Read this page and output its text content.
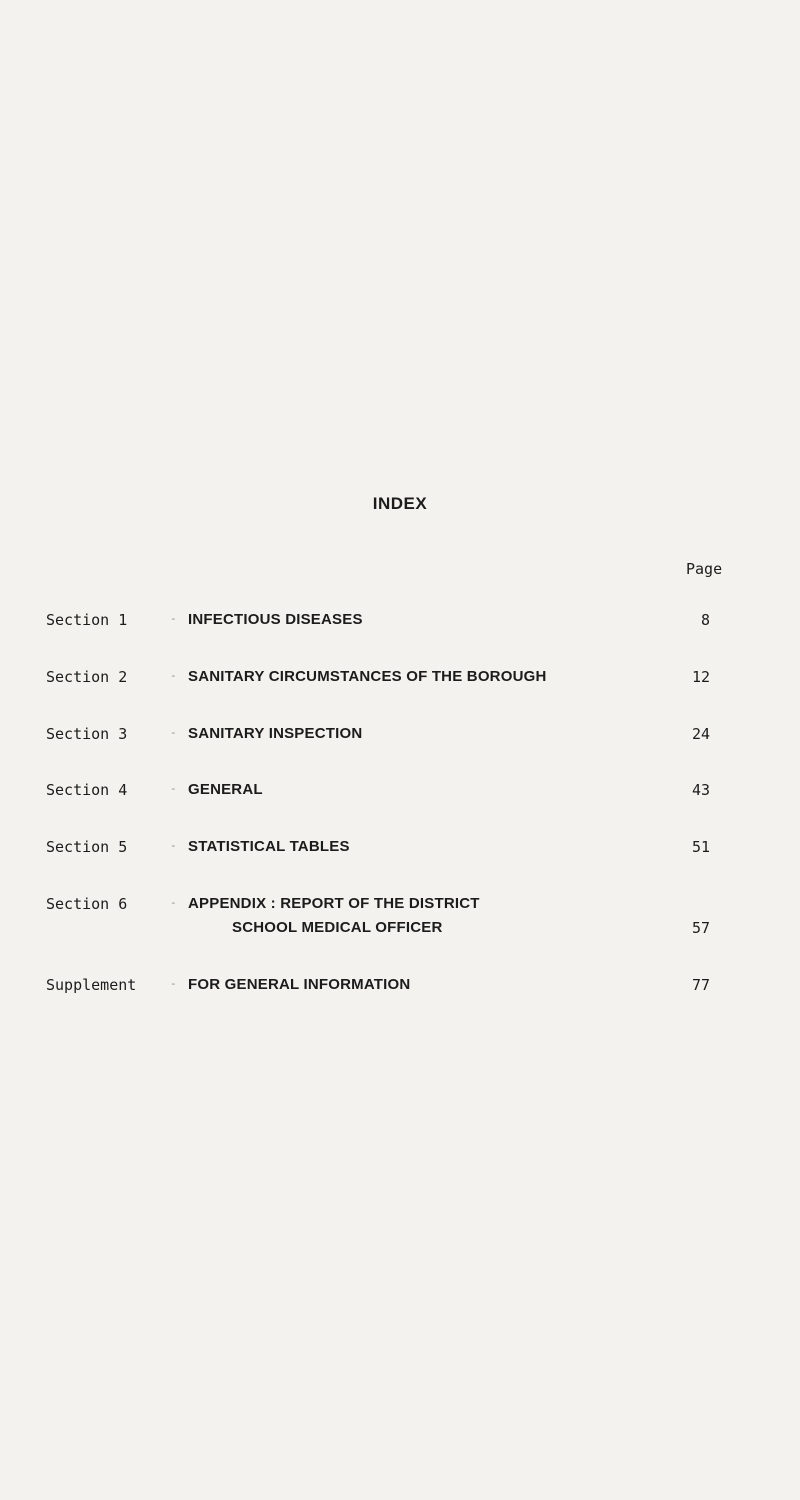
INDEX
Page
Section 1	- INFECTIOUS DISEASES	8
Section 2	- SANITARY CIRCUMSTANCES OF THE BOROUGH	12
Section 3	- SANITARY INSPECTION	24
Section 4	- GENERAL	43
Section 5	- STATISTICAL TABLES	51
Section 6	- APPENDIX : REPORT OF THE DISTRICT
SCHOOL MEDICAL OFFICER	57
Supplement	- FOR GENERAL INFORMATION	77
